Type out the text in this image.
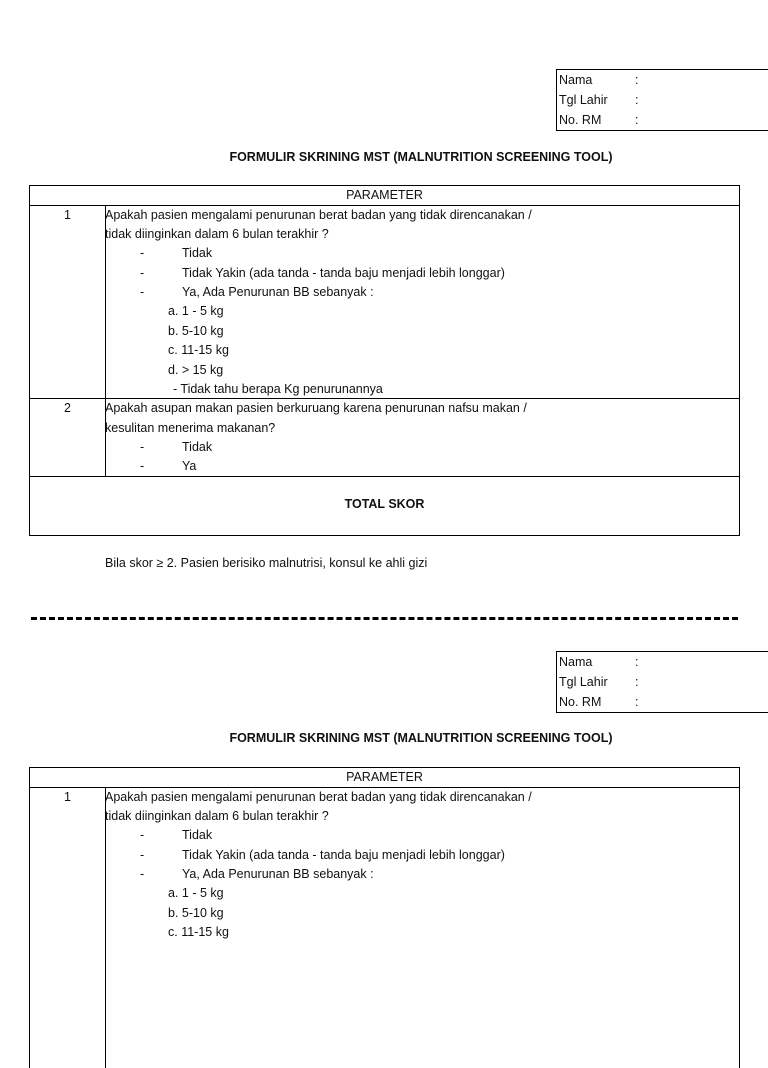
Nama	:
Tgl Lahir	:
No. RM	:
FORMULIR SKRINING MST (MALNUTRITION SCREENING TOOL)
PARAMETER
1	Apakah pasien mengalami penurunan berat badan yang tidak direncanakan /
tidak diinginkan dalam 6 bulan terakhir ?
-	Tidak
-	Tidak Yakin (ada tanda - tanda baju menjadi lebih longgar)
-	Ya, Ada Penurunan BB sebanyak :
a. 1 - 5 kg
b. 5-10 kg
c. 11-15 kg
d. > 15 kg
- Tidak tahu berapa Kg penurunannya
2	Apakah asupan makan pasien berkuruang karena penurunan nafsu makan /
kesulitan menerima makanan?
-	Tidak
-	Ya
TOTAL SKOR
Bila skor ≥ 2. Pasien berisiko malnutrisi, konsul ke ahli gizi
Nama	:
Tgl Lahir	:
No. RM	:
FORMULIR SKRINING MST (MALNUTRITION SCREENING TOOL)
PARAMETER
1	Apakah pasien mengalami penurunan berat badan yang tidak direncanakan /
tidak diinginkan dalam 6 bulan terakhir ?
-	Tidak
-	Tidak Yakin (ada tanda - tanda baju menjadi lebih longgar)
-	Ya, Ada Penurunan BB sebanyak :
a. 1 - 5 kg
b. 5-10 kg
c. 11-15 kg
